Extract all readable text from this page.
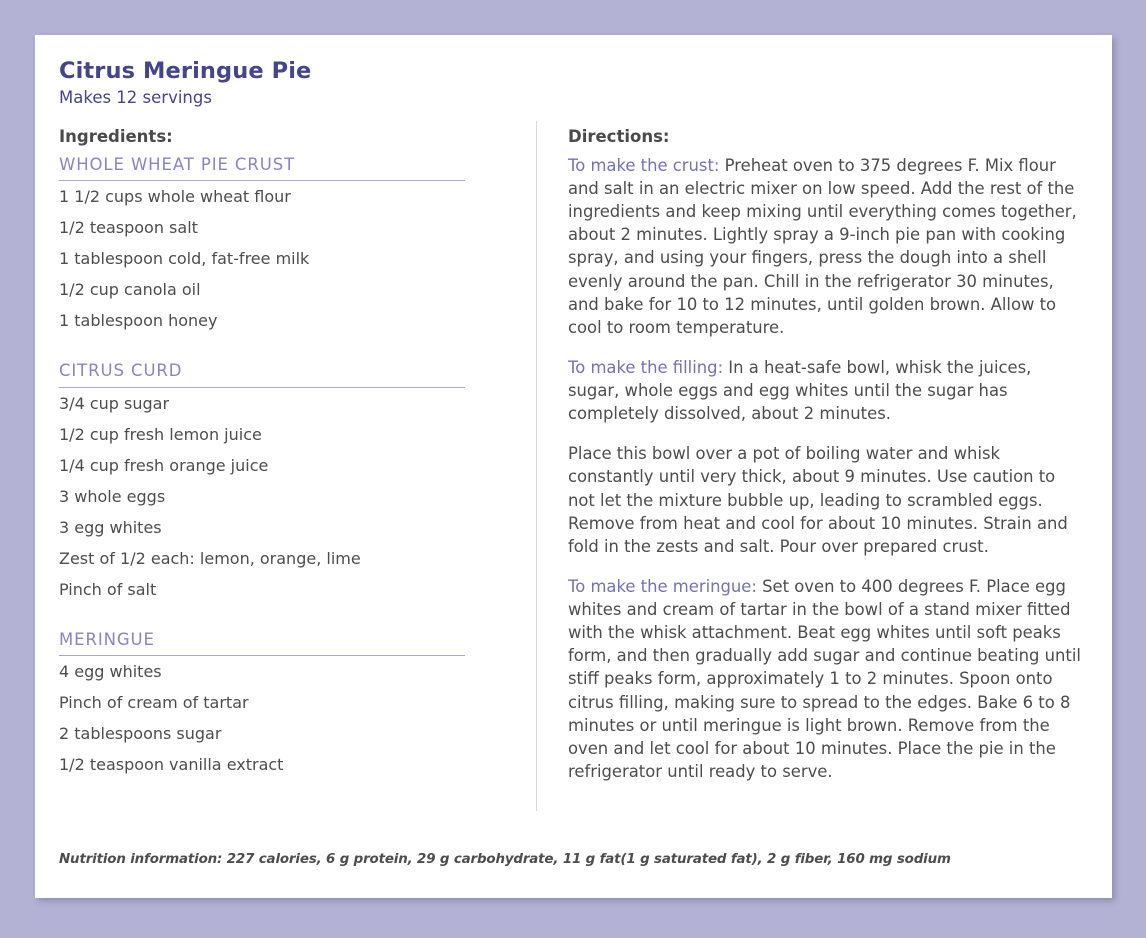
Citrus Meringue Pie
Makes 12 servings
Ingredients:
WHOLE WHEAT PIE CRUST
1 1/2 cups whole wheat flour
1/2 teaspoon salt
1 tablespoon cold, fat-free milk
1/2 cup canola oil
1 tablespoon honey
CITRUS CURD
3/4 cup sugar
1/2 cup fresh lemon juice
1/4 cup fresh orange juice
3 whole eggs
3 egg whites
Zest of 1/2 each: lemon, orange, lime
Pinch of salt
MERINGUE
4 egg whites
Pinch of cream of tartar
2 tablespoons sugar
1/2 teaspoon vanilla extract
Directions:

To make the crust: Preheat oven to 375 degrees F. Mix flour and salt in an electric mixer on low speed. Add the rest of the ingredients and keep mixing until everything comes together, about 2 minutes. Lightly spray a 9-inch pie pan with cooking spray, and using your fingers, press the dough into a shell evenly around the pan. Chill in the refrigerator 30 minutes, and bake for 10 to 12 minutes, until golden brown. Allow to cool to room temperature.

To make the filling: In a heat-safe bowl, whisk the juices, sugar, whole eggs and egg whites until the sugar has completely dissolved, about 2 minutes.

Place this bowl over a pot of boiling water and whisk constantly until very thick, about 9 minutes. Use caution to not let the mixture bubble up, leading to scrambled eggs. Remove from heat and cool for about 10 minutes. Strain and fold in the zests and salt. Pour over prepared crust.

To make the meringue: Set oven to 400 degrees F. Place egg whites and cream of tartar in the bowl of a stand mixer fitted with the whisk attachment. Beat egg whites until soft peaks form, and then gradually add sugar and continue beating until stiff peaks form, approximately 1 to 2 minutes. Spoon onto citrus filling, making sure to spread to the edges. Bake 6 to 8 minutes or until meringue is light brown. Remove from the oven and let cool for about 10 minutes. Place the pie in the refrigerator until ready to serve.

Nutrition information: 227 calories, 6 g protein, 29 g carbohydrate, 11 g fat(1 g saturated fat), 2 g fiber, 160 mg sodium
